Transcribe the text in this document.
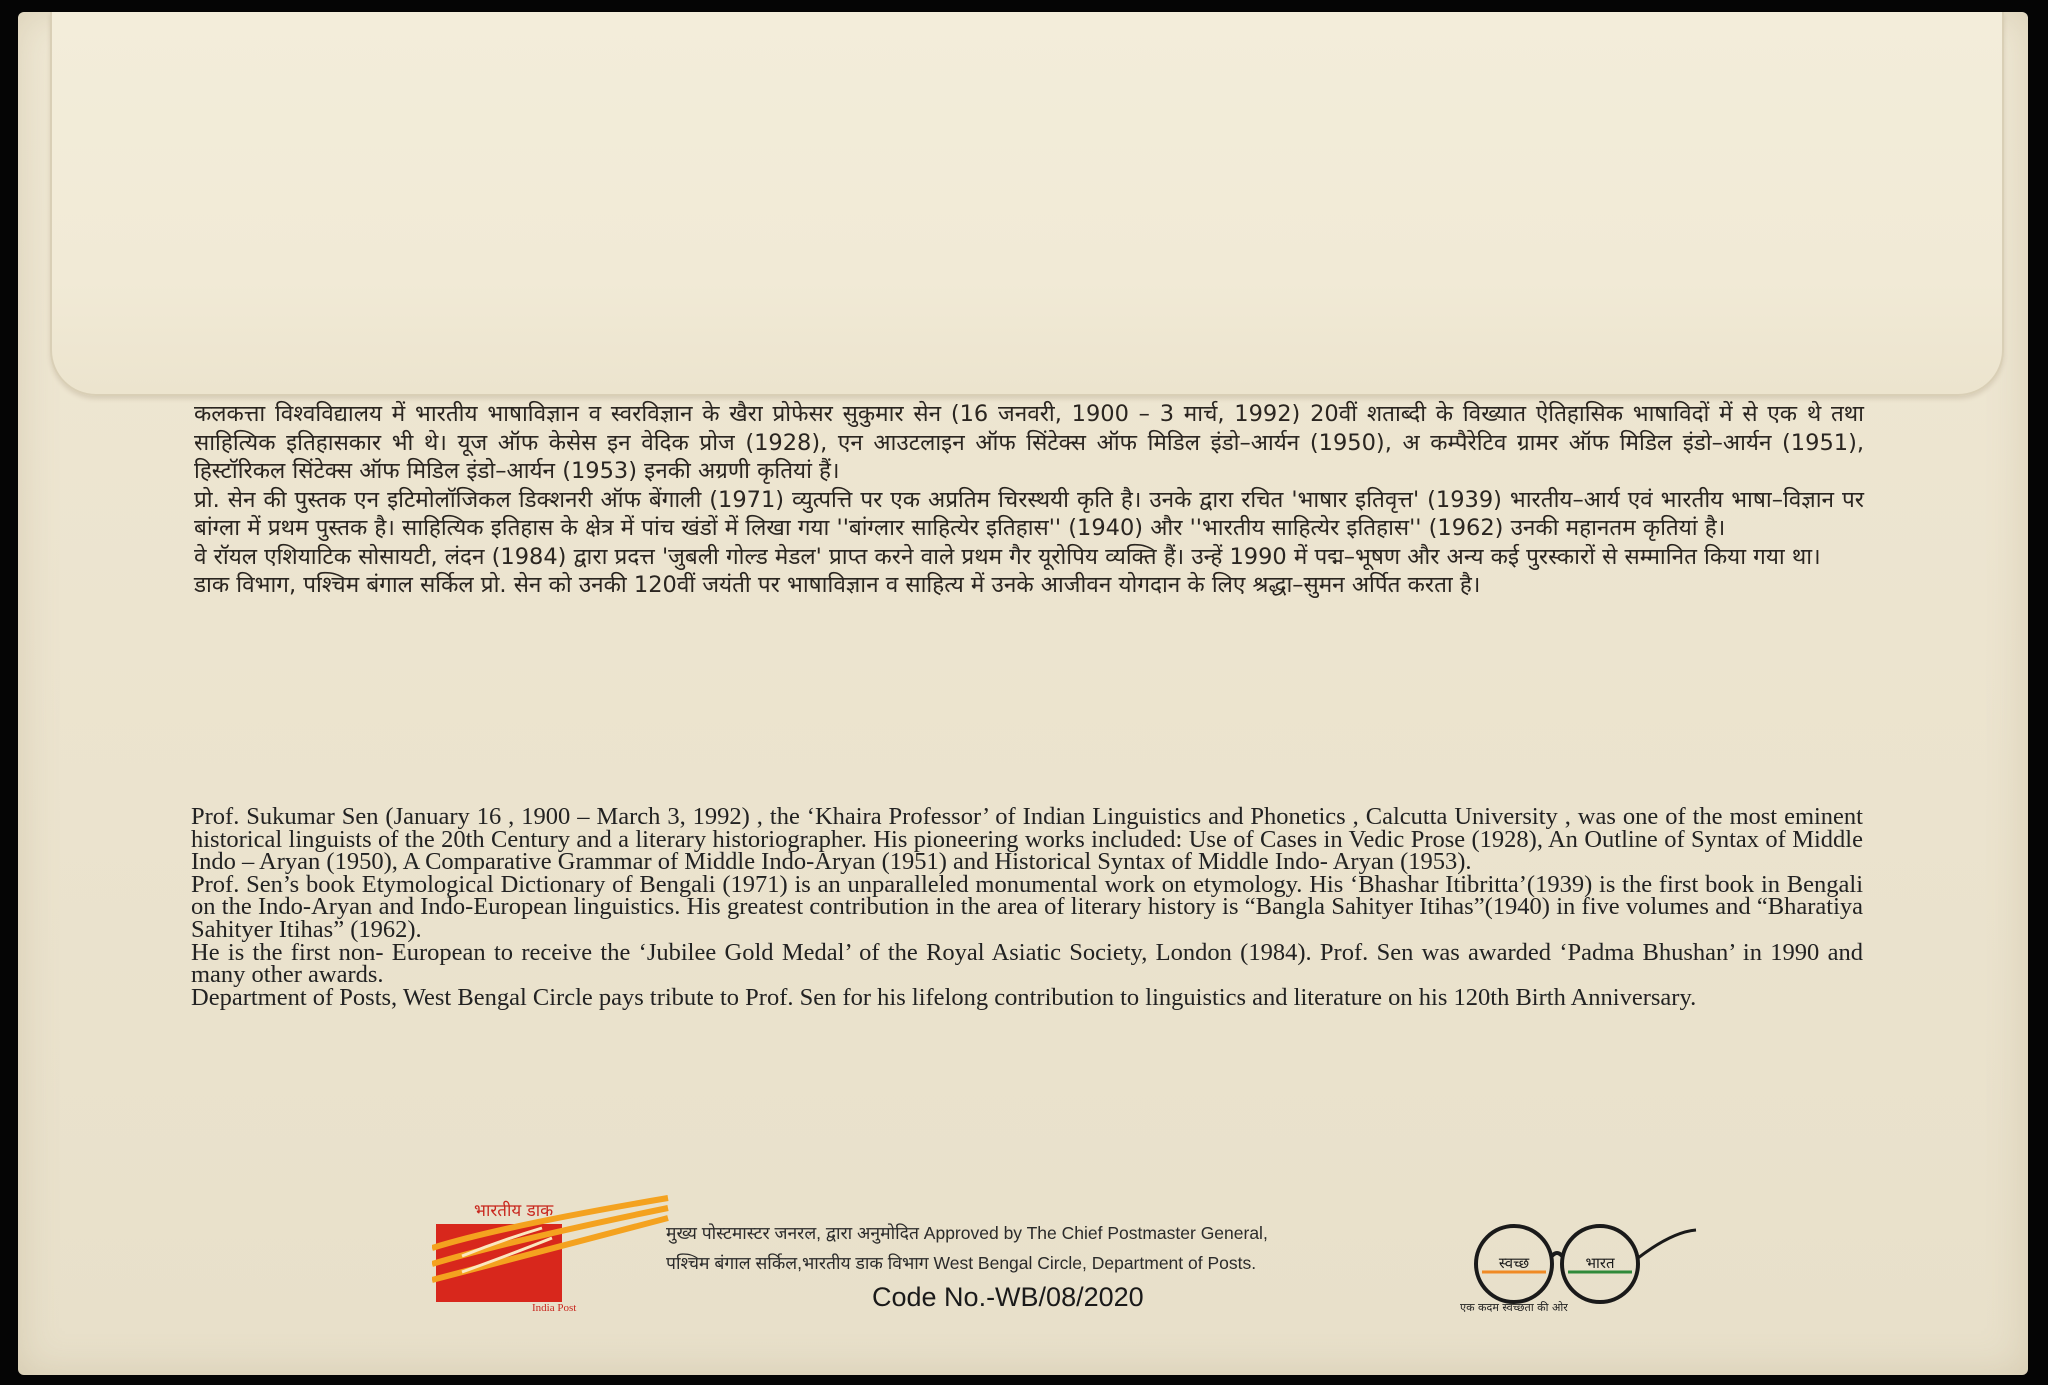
कलकत्ता विश्वविद्यालय में भारतीय भाषाविज्ञान व स्वरविज्ञान के खैरा प्रोफेसर सुकुमार सेन (16 जनवरी, 1900 – 3 मार्च, 1992) 20वीं शताब्दी के विख्यात ऐतिहासिक भाषाविदों में से एक थे तथा साहित्यिक इतिहासकार भी थे। यूज ऑफ केसेस इन वेदिक प्रोज (1928), एन आउटलाइन ऑफ सिंटेक्स ऑफ मिडिल इंडो–आर्यन (1950), अ कम्पैरेटिव ग्रामर ऑफ मिडिल इंडो–आर्यन (1951), हिस्टॉरिकल सिंटेक्स ऑफ मिडिल इंडो–आर्यन (1953) इनकी अग्रणी कृतियां हैं।

प्रो. सेन की पुस्तक एन इटिमोलॉजिकल डिक्शनरी ऑफ बेंगाली (1971) व्युत्पत्ति पर एक अप्रतिम चिरस्थयी कृति है। उनके द्वारा रचित 'भाषार इतिवृत्त' (1939) भारतीय–आर्य एवं भारतीय भाषा–विज्ञान पर बांग्ला में प्रथम पुस्तक है। साहित्यिक इतिहास के क्षेत्र में पांच खंडों में लिखा गया ''बांग्लार साहित्येर इतिहास'' (1940) और ''भारतीय साहित्येर इतिहास'' (1962) उनकी महानतम कृतियां है।

वे रॉयल एशियाटिक सोसायटी, लंदन (1984) द्वारा प्रदत्त 'जुबली गोल्ड मेडल' प्राप्त करने वाले प्रथम गैर यूरोपिय व्यक्ति हैं। उन्हें 1990 में पद्म–भूषण और अन्य कई पुरस्कारों से सम्मानित किया गया था।

डाक विभाग, पश्चिम बंगाल सर्किल प्रो. सेन को उनकी 120वीं जयंती पर भाषाविज्ञान व साहित्य में उनके आजीवन योगदान के लिए श्रद्धा–सुमन अर्पित करता है।

Prof. Sukumar Sen (January 16 , 1900 – March 3, 1992) , the ‘Khaira Professor’ of Indian Linguistics and Phonetics , Calcutta University , was one of the most eminent historical linguists of the 20th Century and a literary historiographer. His pioneering works included: Use of Cases in Vedic Prose (1928), An Outline of Syntax of Middle Indo – Aryan (1950), A Comparative Grammar of Middle Indo-Aryan (1951) and Historical Syntax of Middle Indo- Aryan (1953).

Prof. Sen’s book Etymological Dictionary of Bengali (1971) is an unparalleled monumental work on etymology. His ‘Bhashar Itibritta’(1939) is the first book in Bengali on the Indo-Aryan and Indo-European linguistics. His greatest contribution in the area of literary history is “Bangla Sahityer Itihas”(1940) in five volumes and “Bharatiya Sahityer Itihas” (1962).

He is the first non- European to receive the ‘Jubilee Gold Medal’ of the Royal Asiatic Society, London (1984). Prof. Sen was awarded ‘Padma Bhushan’ in 1990 and many other awards.

Department of Posts, West Bengal Circle pays tribute to Prof. Sen for his lifelong contribution to linguistics and literature on his 120th Birth Anniversary.

भारतीय डाक
India Post
मुख्य पोस्टमास्टर जनरल, द्वारा अनुमोदित Approved by The Chief Postmaster General,
पश्चिम बंगाल सर्किल,भारतीय डाक विभाग West Bengal Circle, Department of Posts.
Code No.-WB/08/2020
स्वच्छ	भारत
एक कदम स्वच्छता की ओर
